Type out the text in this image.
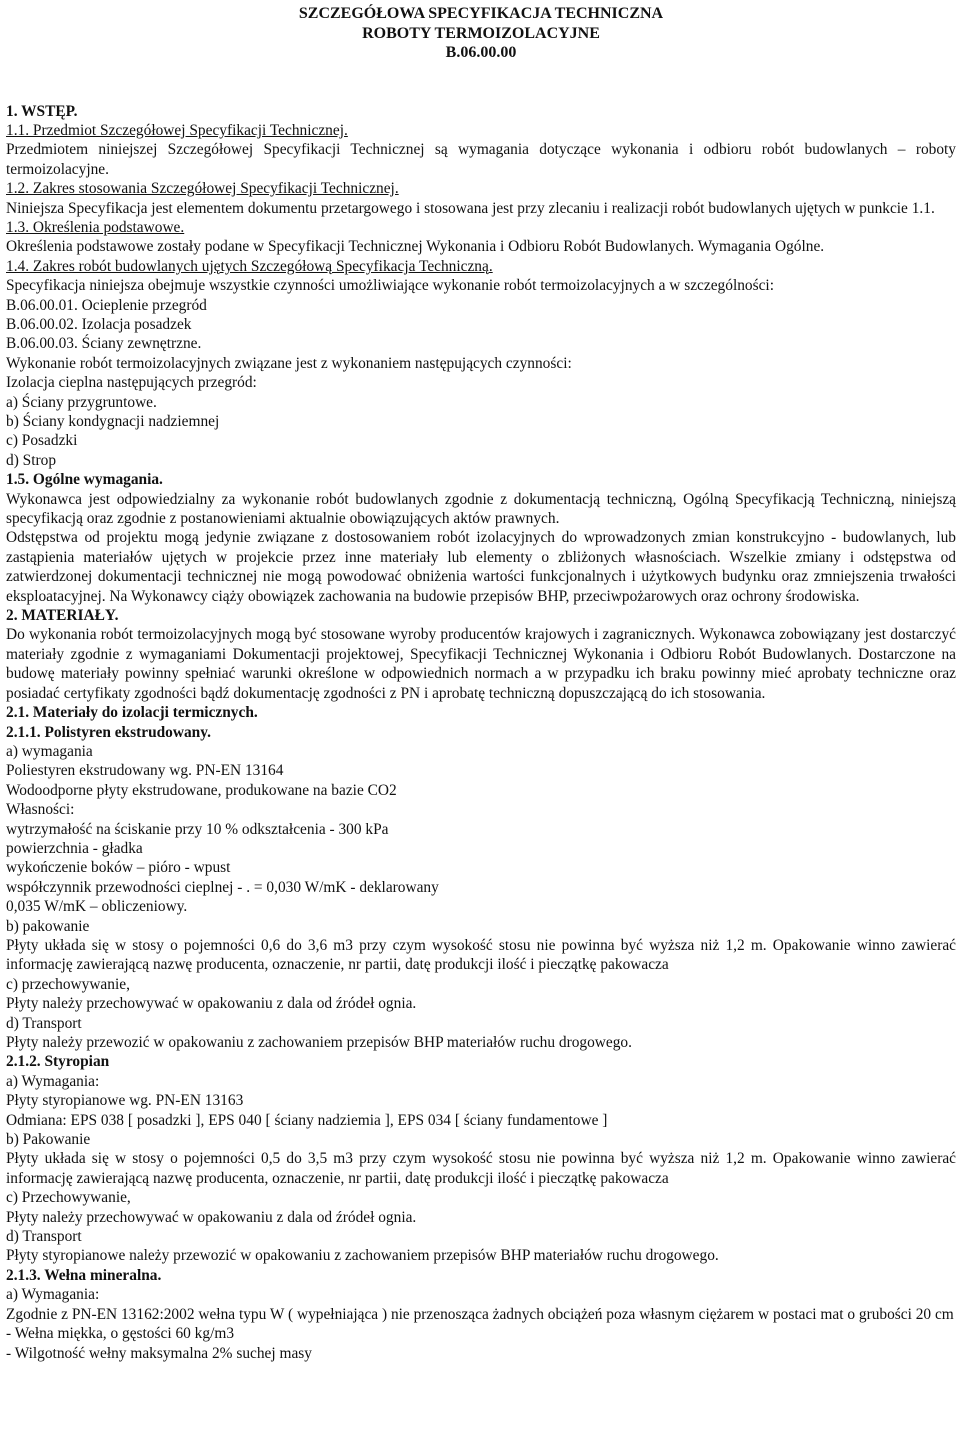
SZCZEGÓŁOWA SPECYFIKACJA TECHNICZNA
ROBOTY TERMOIZOLACYJNE
B.06.00.00

1. WSTĘP.

1.1. Przedmiot Szczegółowej Specyfikacji Technicznej.

Przedmiotem niniejszej Szczegółowej Specyfikacji Technicznej są wymagania dotyczące wykonania i odbioru robót budowlanych – roboty termoizolacyjne.

1.2. Zakres stosowania Szczegółowej Specyfikacji Technicznej.

Niniejsza Specyfikacja jest elementem dokumentu przetargowego i stosowana jest przy zlecaniu i realizacji robót budowlanych ujętych w punkcie 1.1.

1.3. Określenia podstawowe.

Określenia podstawowe zostały podane w Specyfikacji Technicznej Wykonania i Odbioru Robót Budowlanych. Wymagania Ogólne.

1.4. Zakres robót budowlanych ujętych Szczegółową Specyfikacja Techniczną.

Specyfikacja niniejsza obejmuje wszystkie czynności umożliwiające wykonanie robót termoizolacyjnych a w szczególności:

B.06.00.01. Ocieplenie przegród

B.06.00.02. Izolacja posadzek

B.06.00.03. Ściany zewnętrzne.

Wykonanie robót termoizolacyjnych związane jest z wykonaniem następujących czynności:

Izolacja cieplna następujących przegród:

a) Ściany przygruntowe.

b) Ściany kondygnacji nadziemnej

c) Posadzki

d) Strop

1.5. Ogólne wymagania.

Wykonawca jest odpowiedzialny za wykonanie robót budowlanych zgodnie z dokumentacją techniczną, Ogólną Specyfikacją Techniczną, niniejszą specyfikacją oraz zgodnie z postanowieniami aktualnie obowiązujących aktów prawnych.

Odstępstwa od projektu mogą jedynie związane z dostosowaniem robót izolacyjnych do wprowadzonych zmian konstrukcyjno - budowlanych, lub zastąpienia materiałów ujętych w projekcie przez inne materiały lub elementy o zbliżonych własnościach. Wszelkie zmiany i odstępstwa od zatwierdzonej dokumentacji technicznej nie mogą powodować obniżenia wartości funkcjonalnych i użytkowych budynku oraz zmniejszenia trwałości eksploatacyjnej. Na Wykonawcy ciąży obowiązek zachowania na budowie przepisów BHP, przeciwpożarowych oraz ochrony środowiska.

2. MATERIAŁY.

Do wykonania robót termoizolacyjnych mogą być stosowane wyroby producentów krajowych i zagranicznych. Wykonawca zobowiązany jest dostarczyć materiały zgodnie z wymaganiami Dokumentacji projektowej, Specyfikacji Technicznej Wykonania i Odbioru Robót Budowlanych. Dostarczone na budowę materiały powinny spełniać warunki określone w odpowiednich normach a w przypadku ich braku powinny mieć aprobaty techniczne oraz posiadać certyfikaty zgodności bądź dokumentację zgodności z PN i aprobatę techniczną dopuszczającą do ich stosowania.

2.1. Materiały do izolacji termicznych.

2.1.1. Polistyren ekstrudowany.

a) wymagania

Poliestyren ekstrudowany wg. PN-EN 13164

Wodoodporne płyty ekstrudowane, produkowane na bazie CO2

Własności:

wytrzymałość na ściskanie przy 10 % odkształcenia - 300 kPa

powierzchnia - gładka

wykończenie boków – pióro - wpust

współczynnik przewodności cieplnej - . = 0,030 W/mK - deklarowany

0,035 W/mK – obliczeniowy.

b) pakowanie

Płyty układa się w stosy o pojemności 0,6 do 3,6 m3 przy czym wysokość stosu nie powinna być wyższa niż 1,2 m. Opakowanie winno zawierać informację zawierającą nazwę producenta, oznaczenie, nr partii, datę produkcji ilość i pieczątkę pakowacza

c) przechowywanie,

Płyty należy przechowywać w opakowaniu z dala od źródeł ognia.

d) Transport

Płyty należy przewozić w opakowaniu z zachowaniem przepisów BHP materiałów ruchu drogowego.

2.1.2. Styropian

a) Wymagania:

Płyty styropianowe wg. PN-EN 13163

Odmiana: EPS 038 [ posadzki ], EPS 040 [ ściany nadziemia ], EPS 034 [ ściany fundamentowe ]

b) Pakowanie

Płyty układa się w stosy o pojemności 0,5 do 3,5 m3 przy czym wysokość stosu nie powinna być wyższa niż 1,2 m. Opakowanie winno zawierać informację zawierającą nazwę producenta, oznaczenie, nr partii, datę produkcji ilość i pieczątkę pakowacza

c) Przechowywanie,

Płyty należy przechowywać w opakowaniu z dala od źródeł ognia.

d) Transport

Płyty styropianowe należy przewozić w opakowaniu z zachowaniem przepisów BHP materiałów ruchu drogowego.

2.1.3. Wełna mineralna.

a) Wymagania:

Zgodnie z PN-EN 13162:2002 wełna typu W ( wypełniająca ) nie przenosząca żadnych obciążeń poza własnym ciężarem w postaci mat o grubości 20 cm

- Wełna miękka, o gęstości 60 kg/m3

- Wilgotność wełny maksymalna 2% suchej masy
